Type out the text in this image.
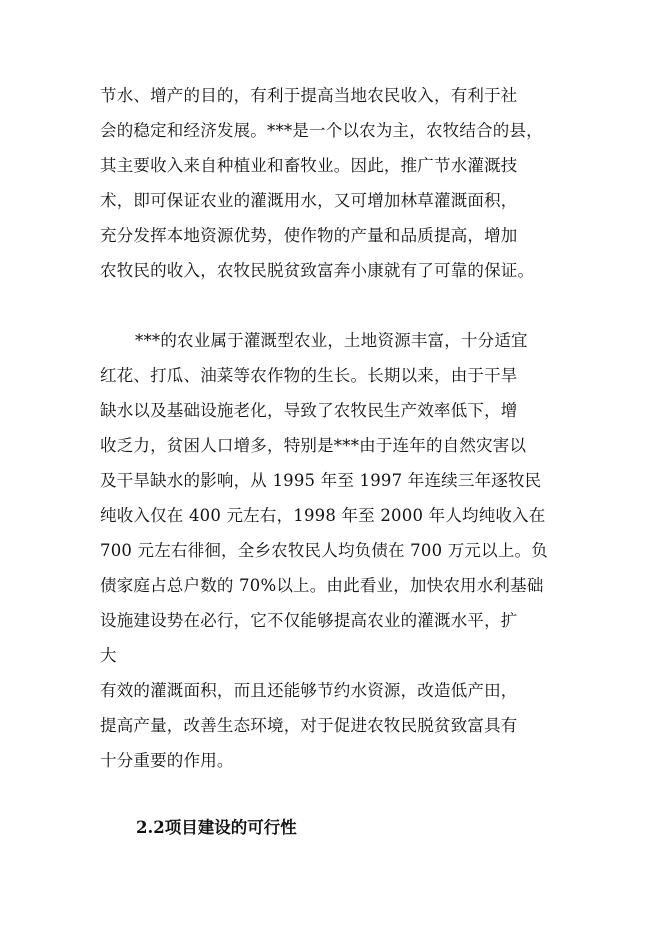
节水、增产的目的，有利于提高当地农民收入，有利于社
会的稳定和经济发展。***是一个以农为主，农牧结合的县，
其主要收入来自种植业和畜牧业。因此，推广节水灌溉技
术，即可保证农业的灌溉用水，又可增加林草灌溉面积，
充分发挥本地资源优势，使作物的产量和品质提高，增加
农牧民的收入，农牧民脱贫致富奔小康就有了可靠的保证。
***的农业属于灌溉型农业，土地资源丰富，十分适宜
红花、打瓜、油菜等农作物的生长。长期以来，由于干旱
缺水以及基础设施老化，导致了农牧民生产效率低下，增
收乏力，贫困人口增多，特别是***由于连年的自然灾害以
及干旱缺水的影响，从 1995 年至 1997 年连续三年逐牧民
纯收入仅在 400 元左右，1998 年至 2000 年人均纯收入在
700 元左右徘徊，全乡农牧民人均负债在 700 万元以上。负
债家庭占总户数的 70%以上。由此看业，加快农用水利基础
设施建设势在必行，它不仅能够提高农业的灌溉水平，扩
大
有效的灌溉面积，而且还能够节约水资源，改造低产田，
提高产量，改善生态环境，对于促进农牧民脱贫致富具有
十分重要的作用。
2.2项目建设的可行性
